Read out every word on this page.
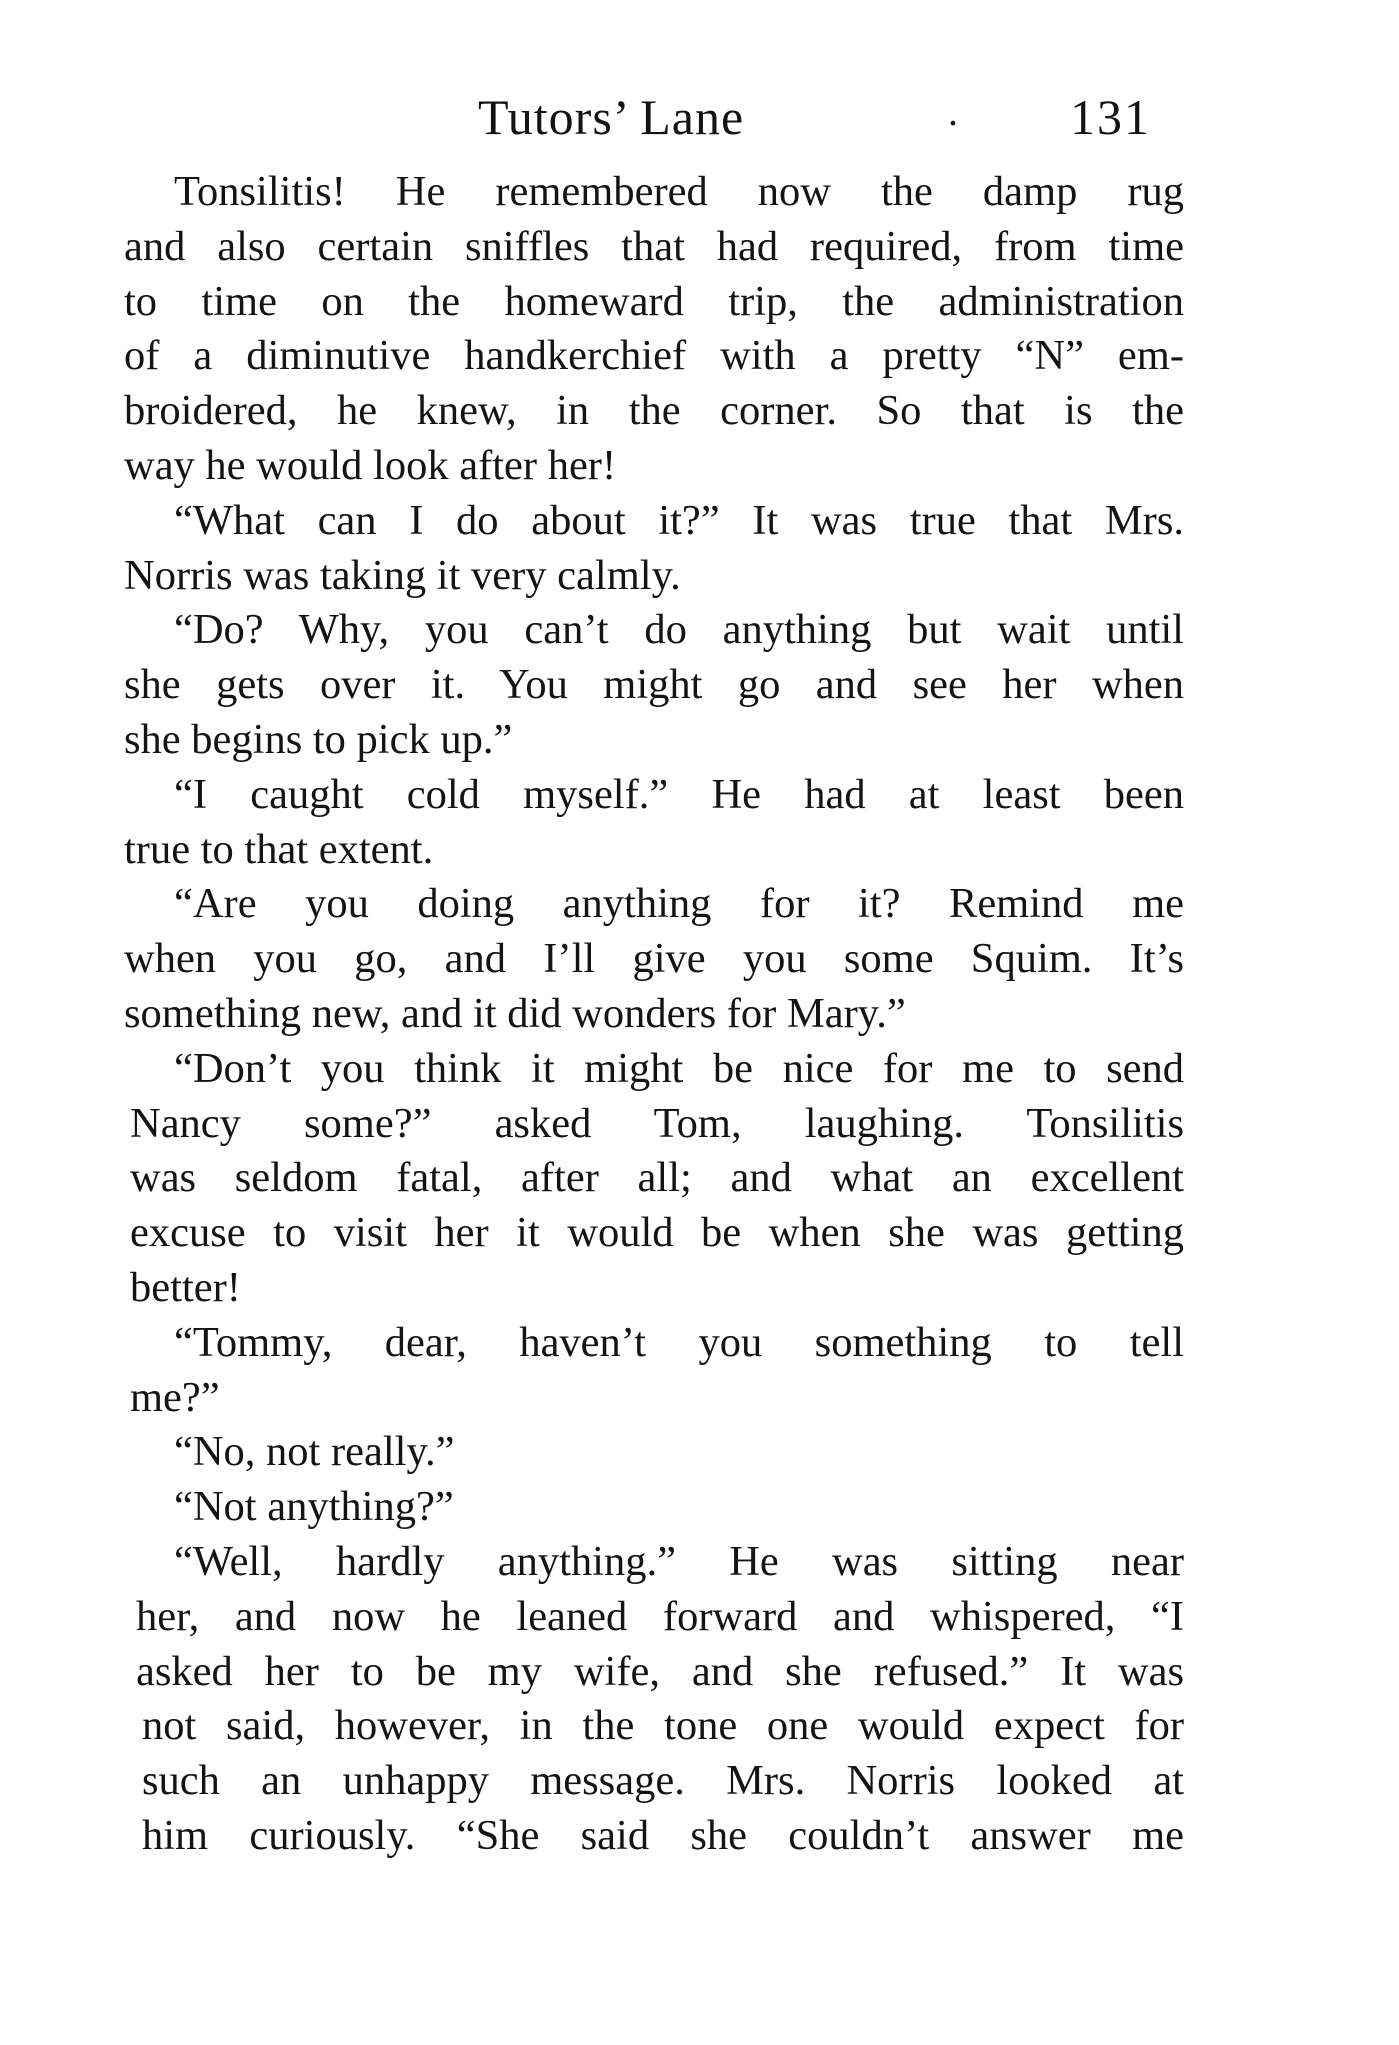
Tutors’ Lane	. 131
Tonsilitis! He remembered now the damp rug
and also certain sniffles that had required, from time
to time on the homeward trip, the administration
of a diminutive handkerchief with a pretty “N” em-
broidered, he knew, in the corner. So that is the
way he would look after her!
“What can I do about it?” It was true that Mrs.
Norris was taking it very calmly.
“Do? Why, you can’t do anything but wait until
she gets over it. You might go and see her when
she begins to pick up.”
“I caught cold myself.” He had at least been
true to that extent.
“Are you doing anything for it? Remind me
when you go, and I’ll give you some Squim. It’s
something new, and it did wonders for Mary.”
“Don’t you think it might be nice for me to send
Nancy some?” asked Tom, laughing. Tonsilitis
was seldom fatal, after all; and what an excellent
excuse to visit her it would be when she was getting
better!
“Tommy, dear, haven’t you something to tell
me?”
“No, not really.”
“Not anything?”
“Well, hardly anything.” He was sitting near
her, and now he leaned forward and whispered, “I
asked her to be my wife, and she refused.” It was
not said, however, in the tone one would expect for
such an unhappy message. Mrs. Norris looked at
him curiously. “She said she couldn’t answer me
